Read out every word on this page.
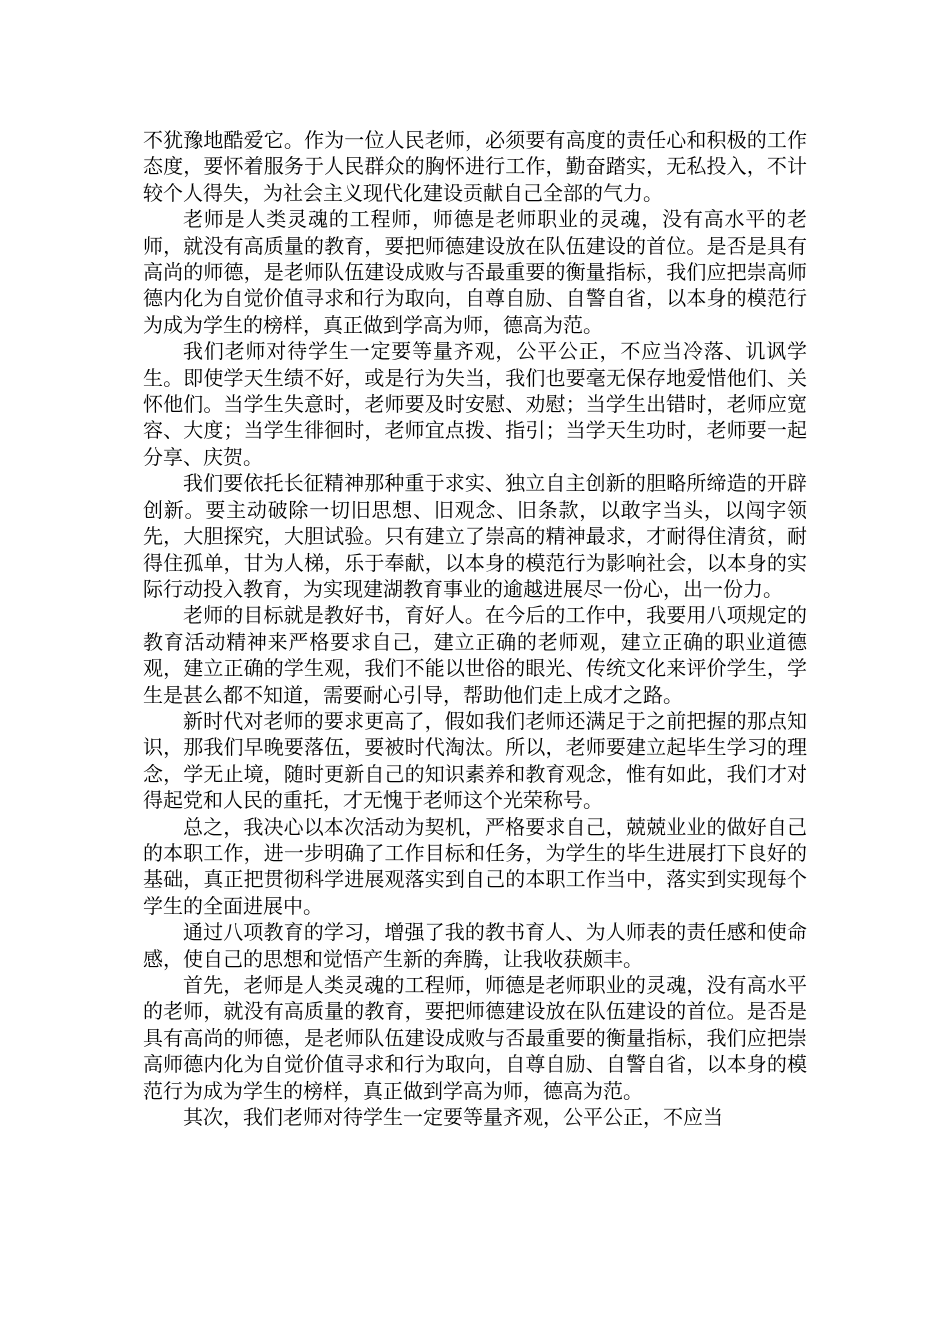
不犹豫地酷爱它。作为一位人民老师，必须要有高度的责任心和积极的工作态度，要怀着服务于人民群众的胸怀进行工作，勤奋踏实，无私投入，不计较个人得失，为社会主义现代化建设贡献自己全部的气力。

老师是人类灵魂的工程师，师德是老师职业的灵魂，没有高水平的老师，就没有高质量的教育，要把师德建设放在队伍建设的首位。是否是具有高尚的师德，是老师队伍建设成败与否最重要的衡量指标，我们应把崇高师德内化为自觉价值寻求和行为取向，自尊自励、自警自省，以本身的模范行为成为学生的榜样，真正做到学高为师，德高为范。

我们老师对待学生一定要等量齐观，公平公正，不应当冷落、讥讽学生。即使学天生绩不好，或是行为失当，我们也要毫无保存地爱惜他们、关怀他们。当学生失意时，老师要及时安慰、劝慰；当学生出错时，老师应宽容、大度；当学生徘徊时，老师宜点拨、指引；当学天生功时，老师要一起分享、庆贺。

我们要依托长征精神那种重于求实、独立自主创新的胆略所缔造的开辟创新。要主动破除一切旧思想、旧观念、旧条款，以敢字当头，以闯字领先，大胆探究，大胆试验。只有建立了崇高的精神最求，才耐得住清贫，耐得住孤单，甘为人梯，乐于奉献，以本身的模范行为影响社会，以本身的实际行动投入教育，为实现建湖教育事业的逾越进展尽一份心，出一份力。

老师的目标就是教好书，育好人。在今后的工作中，我要用八项规定的教育活动精神来严格要求自己，建立正确的老师观，建立正确的职业道德观，建立正确的学生观，我们不能以世俗的眼光、传统文化来评价学生，学生是甚么都不知道，需要耐心引导，帮助他们走上成才之路。

新时代对老师的要求更高了，假如我们老师还满足于之前把握的那点知识，那我们早晚要落伍，要被时代淘汰。所以，老师要建立起毕生学习的理念，学无止境，随时更新自己的知识素养和教育观念，惟有如此，我们才对得起党和人民的重托，才无愧于老师这个光荣称号。

总之，我决心以本次活动为契机，严格要求自己，兢兢业业的做好自己的本职工作，进一步明确了工作目标和任务，为学生的毕生进展打下良好的基础，真正把贯彻科学进展观落实到自己的本职工作当中，落实到实现每个学生的全面进展中。

通过八项教育的学习，增强了我的教书育人、为人师表的责任感和使命感，使自己的思想和觉悟产生新的奔腾，让我收获颇丰。

首先，老师是人类灵魂的工程师，师德是老师职业的灵魂，没有高水平的老师，就没有高质量的教育，要把师德建设放在队伍建设的首位。是否是具有高尚的师德，是老师队伍建设成败与否最重要的衡量指标，我们应把崇高师德内化为自觉价值寻求和行为取向，自尊自励、自警自省，以本身的模范行为成为学生的榜样，真正做到学高为师，德高为范。

其次，我们老师对待学生一定要等量齐观，公平公正，不应当
